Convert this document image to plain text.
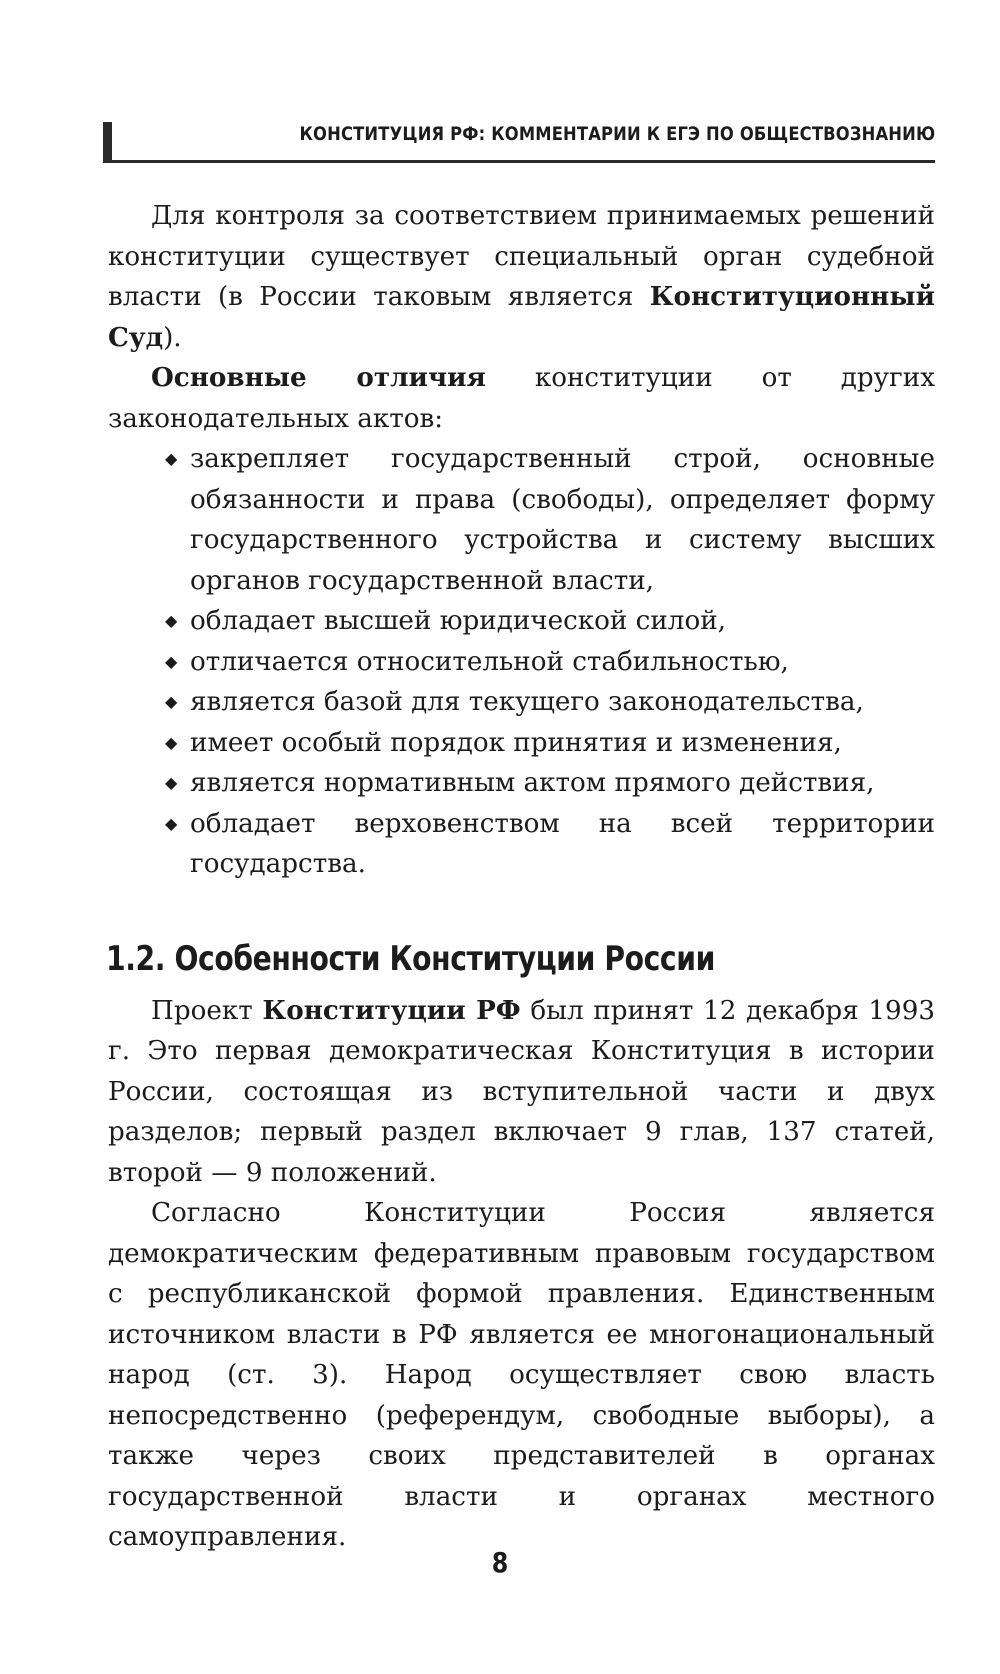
КОНСТИТУЦИЯ РФ: КОММЕНТАРИИ К ЕГЭ ПО ОБЩЕСТВОЗНАНИЮ

Для контроля за соответствием принимаемых решений конституции существует специальный орган судебной власти (в России таковым является Конституционный Суд).

Основные отличия конституции от других законодательных актов:

◆ закрепляет государственный строй, основные обязанности и права (свободы), определяет форму государственного устройства и систему высших органов государственной власти,
◆ обладает высшей юридической силой,
◆ отличается относительной стабильностью,
◆ является базой для текущего законодательства,
◆ имеет особый порядок принятия и изменения,
◆ является нормативным актом прямого действия,
◆ обладает верховенством на всей территории государства.
1.2. Особенности Конституции России

Проект Конституции РФ был принят 12 декабря 1993 г. Это первая демократическая Конституция в истории России, состоящая из вступительной части и двух разделов; первый раздел включает 9 глав, 137 статей, второй — 9 положений.

Согласно Конституции Россия является демократическим федеративным правовым государством с республиканской формой правления. Единственным источником власти в РФ является ее многонациональный народ (ст. 3). Народ осуществляет свою власть непосредственно (референдум, свободные выборы), а также через своих представителей в органах государственной власти и органах местного самоуправления.

8
